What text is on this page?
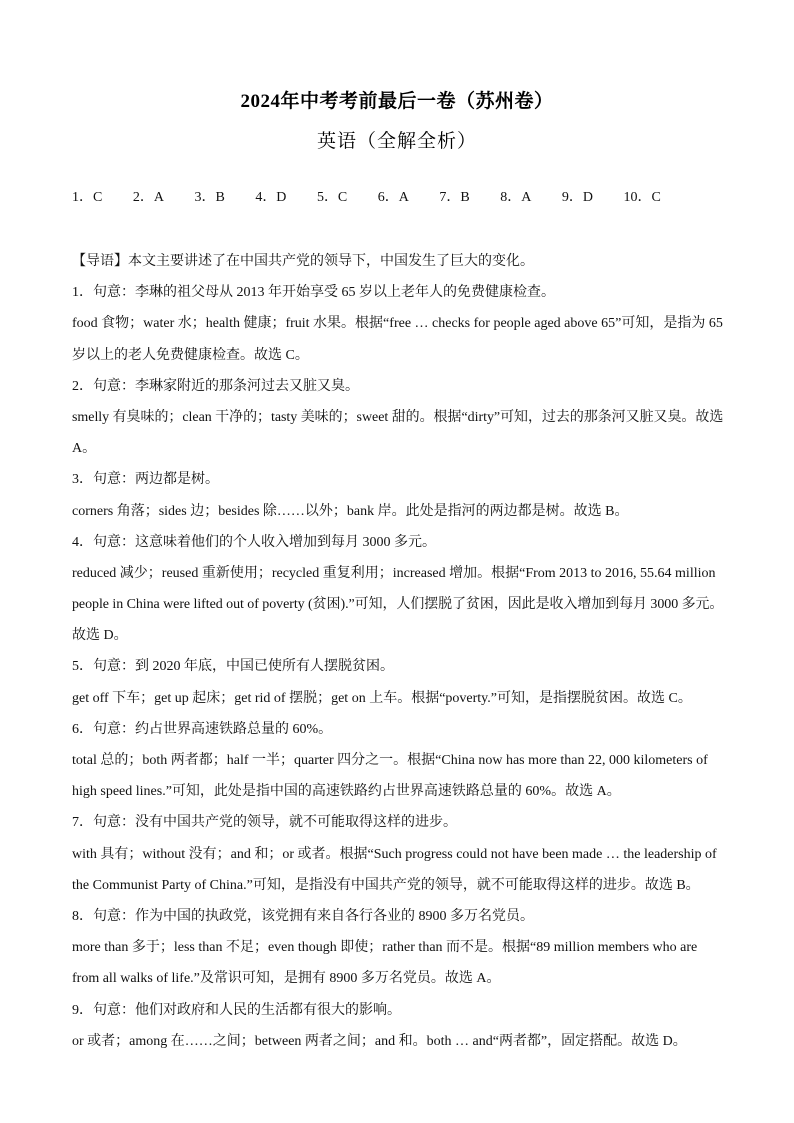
2024年中考考前最后一卷（苏州卷）
英语（全解全析）
1．C 2．A 3．B 4．D 5．C 6．A 7．B 8．A 9．D 10．C
【导语】本文主要讲述了在中国共产党的领导下，中国发生了巨大的变化。
1．句意：李琳的祖父母从 2013 年开始享受 65 岁以上老年人的免费健康检查。
food 食物；water 水；health 健康；fruit 水果。根据“free … checks for people aged above 65”可知，是指为 65
岁以上的老人免费健康检查。故选 C。
2．句意：李琳家附近的那条河过去又脏又臭。
smelly 有臭味的；clean 干净的；tasty 美味的；sweet 甜的。根据“dirty”可知，过去的那条河又脏又臭。故选
A。
3．句意：两边都是树。
corners 角落；sides 边；besides 除……以外；bank 岸。此处是指河的两边都是树。故选 B。
4．句意：这意味着他们的个人收入增加到每月 3000 多元。
reduced 减少；reused 重新使用；recycled 重复利用；increased 增加。根据“From 2013 to 2016, 55.64 million
people in China were lifted out of poverty (贫困).”可知，人们摆脱了贫困，因此是收入增加到每月 3000 多元。
故选 D。
5．句意：到 2020 年底，中国已使所有人摆脱贫困。
get off 下车；get up 起床；get rid of 摆脱；get on 上车。根据“poverty.”可知，是指摆脱贫困。故选 C。
6．句意：约占世界高速铁路总量的 60%。
total 总的；both 两者都；half 一半；quarter 四分之一。根据“China now has more than 22, 000 kilometers of
high speed lines.”可知，此处是指中国的高速铁路约占世界高速铁路总量的 60%。故选 A。
7．句意：没有中国共产党的领导，就不可能取得这样的进步。
with 具有；without 没有；and 和；or 或者。根据“Such progress could not have been made … the leadership of
the Communist Party of China.”可知，是指没有中国共产党的领导，就不可能取得这样的进步。故选 B。
8．句意：作为中国的执政党，该党拥有来自各行各业的 8900 多万名党员。
more than 多于；less than 不足；even though 即使；rather than 而不是。根据“89 million members who are
from all walks of life.”及常识可知，是拥有 8900 多万名党员。故选 A。
9．句意：他们对政府和人民的生活都有很大的影响。
or 或者；among 在……之间；between 两者之间；and 和。both … and“两者都”，固定搭配。故选 D。
